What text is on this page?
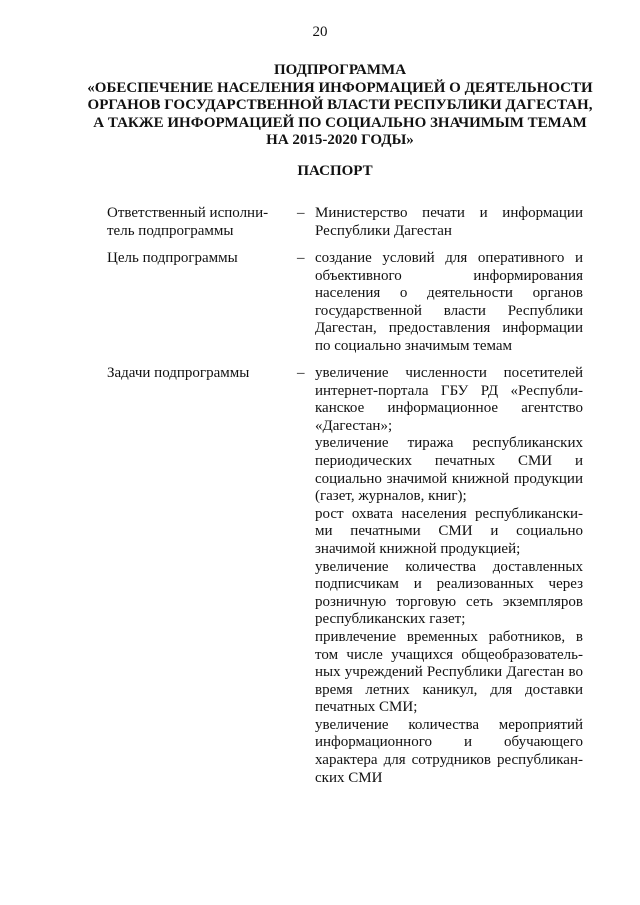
20
ПОДПРОГРАММА
«ОБЕСПЕЧЕНИЕ НАСЕЛЕНИЯ ИНФОРМАЦИЕЙ О ДЕЯТЕЛЬНОСТИ
ОРГАНОВ ГОСУДАРСТВЕННОЙ ВЛАСТИ РЕСПУБЛИКИ ДАГЕСТАН,
А ТАКЖЕ ИНФОРМАЦИЕЙ ПО СОЦИАЛЬНО ЗНАЧИМЫМ ТЕМАМ
НА 2015-2020 ГОДЫ»
ПАСПОРТ
Ответственный исполни-
тель подпрограммы
– Министерство печати и информации
Республики Дагестан
Цель подпрограммы	– создание условий для оперативного и
объективного информирования
населения о деятельности органов
государственной власти Республики
Дагестан, предоставления информации
по социально значимым темам
Задачи подпрограммы	– увеличение численности посетителей
интернет-портала ГБУ РД «Республи-
канское информационное агентство
«Дагестан»;
увеличение тиража республиканских
периодических печатных СМИ и
социально значимой книжной продукции
(газет, журналов, книг);
рост охвата населения республикански-
ми печатными СМИ и социально
значимой книжной продукцией;
увеличение количества доставленных
подписчикам и реализованных через
розничную торговую сеть экземпляров
республиканских газет;
привлечение временных работников, в
том числе учащихся общеобразователь-
ных учреждений Республики Дагестан во
время летних каникул, для доставки
печатных СМИ;
увеличение количества мероприятий
информационного и обучающего
характера для сотрудников республикан-
ских СМИ
